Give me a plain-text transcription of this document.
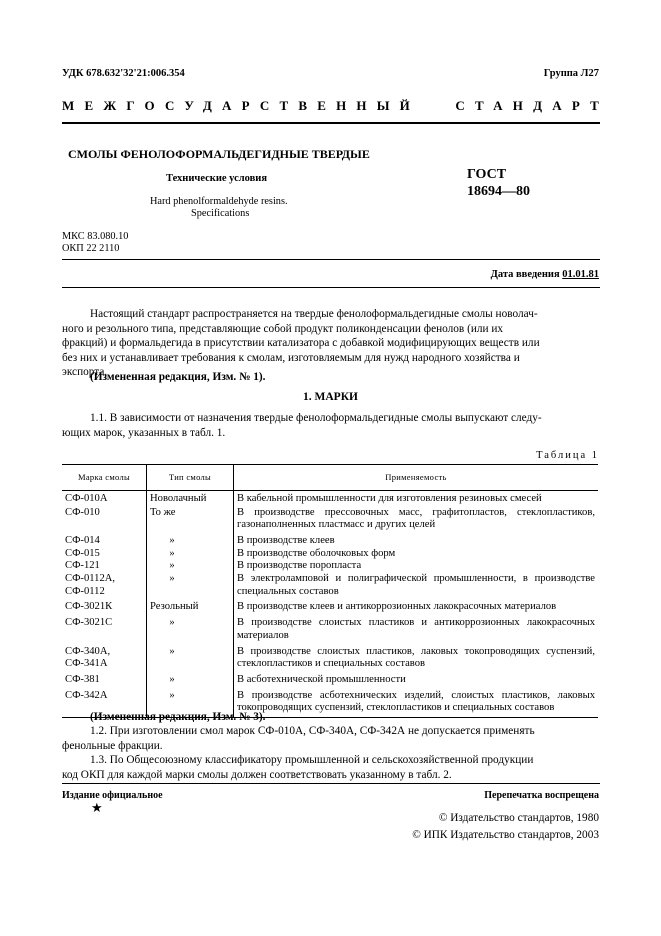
УДК 678.632'32'21:006.354	Группа Л27
МЕЖГОСУДАРСТВЕННЫЙ	СТАНДАРТ
СМОЛЫ ФЕНОЛОФОРМАЛЬДЕГИДНЫЕ ТВЕРДЫЕ
Технические условия
Hard phenolformaldehyde resins.
Specifications
ГОСТ
18694—80
МКС 83.080.10
ОКП 22 2110
Дата введения 01.01.81
Настоящий стандарт распространяется на твердые фенолоформальдегидные смолы новолач-
ного и резольного типа, представляющие собой продукт поликонденсации фенолов (или их
фракций) и формальдегида в присутствии катализатора с добавкой модифицирующих веществ или
без них и устанавливает требования к смолам, изготовляемым для нужд народного хозяйства и
экспорта.
(Измененная редакция, Изм. № 1).
1. МАРКИ
1.1. В зависимости от назначения твердые фенолоформальдегидные смолы выпускают следу-
ющих марок, указанных в табл. 1.
Таблица 1
Марка смолы	Тип смолы	Применяемость
СФ-010А	Новолачный	В кабельной промышленности для изготовления резиновых смесей
СФ-010	То же	В производстве прессовочных масс, графитопластов, стеклопластиков, газонаполненных пластмасс и других целей
СФ-014	»	В производстве клеев
СФ-015	»	В производстве оболочковых форм
СФ-121	»	В производстве поропласта
СФ-0112А, СФ-0112	»	В электроламповой и полиграфической промышленности, в производстве специальных составов
СФ-3021К	Резольный	В производстве клеев и антикоррозионных лакокрасочных материалов
СФ-3021С	»	В производстве слоистых пластиков и антикоррозионных лакокрасочных материалов
СФ-340А, СФ-341А	»	В производстве слоистых пластиков, лаковых токопроводящих суспензий, стеклопластиков и специальных составов
СФ-381	»	В асботехнической промышленности
СФ-342А	»	В производстве асботехнических изделий, слоистых пластиков, лаковых токопроводящих суспензий, стеклопластиков и специальных составов
(Измененная редакция, Изм. № 3).
1.2. При изготовлении смол марок СФ-010А, СФ-340А, СФ-342А не допускается применять
фенольные фракции.
1.3. По Общесоюзному классификатору промышленной и сельскохозяйственной продукции
код ОКП для каждой марки смолы должен соответствовать указанному в табл. 2.
Издание официальное
★
Перепечатка воспрещена
© Издательство стандартов, 1980
© ИПК Издательство стандартов, 2003
